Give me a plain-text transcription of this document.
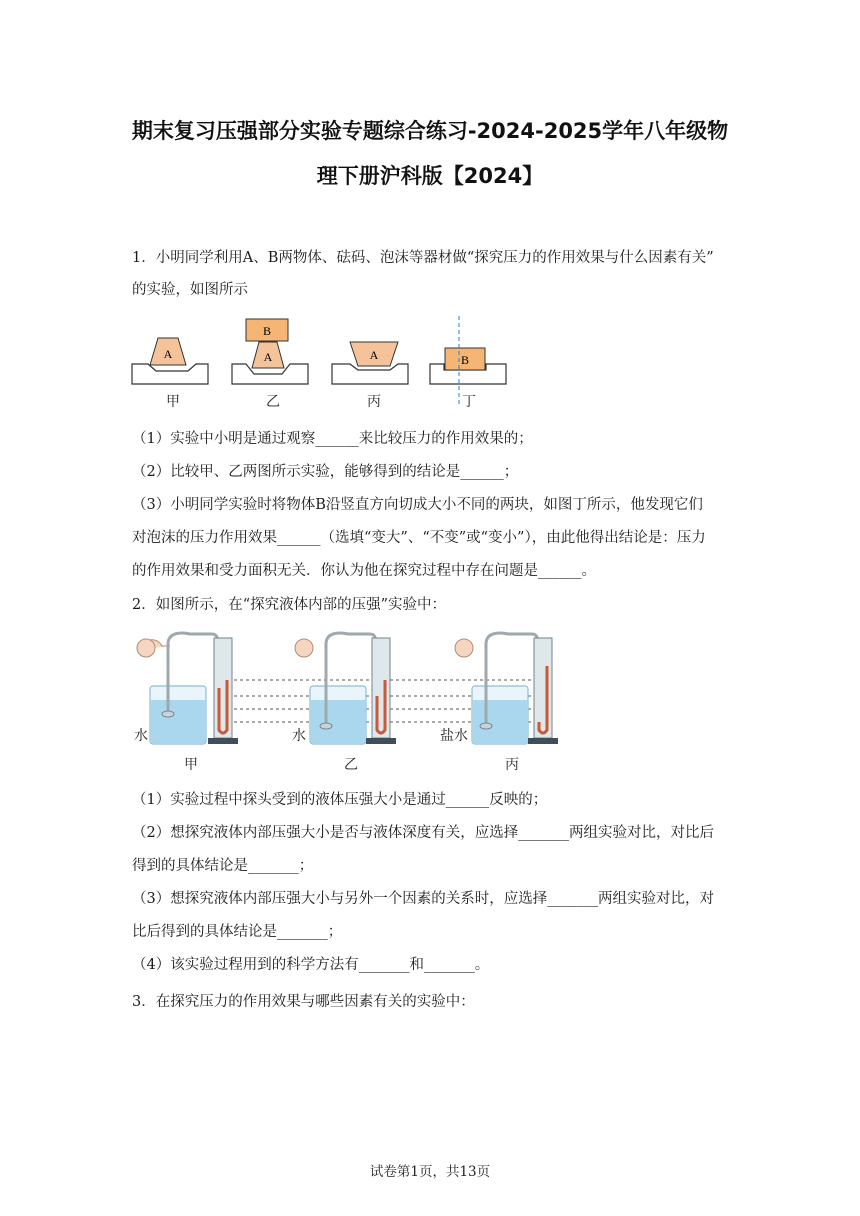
期末复习压强部分实验专题综合练习-2024-2025学年八年级物
理下册沪科版【2024】
1．小明同学利用A、B两物体、砝码、泡沫等器材做“探究压力的作用效果与什么因素有关”
的实验，如图所示
A	A
B
A	B
甲	乙	丙	丁
（1）实验中小明是通过观察______来比较压力的作用效果的；
（2）比较甲、乙两图所示实验，能够得到的结论是______；
（3）小明同学实验时将物体B沿竖直方向切成大小不同的两块，如图丁所示，他发现它们
对泡沫的压力作用效果______（选填“变大”、“不变”或“变小”），由此他得出结论是：压力
的作用效果和受力面积无关．你认为他在探究过程中存在问题是______。
2．如图所示，在“探究液体内部的压强”实验中：
水	水	盐水
甲	乙	丙
（1）实验过程中探头受到的液体压强大小是通过______反映的；
（2）想探究液体内部压强大小是否与液体深度有关，应选择_______两组实验对比，对比后
得到的具体结论是_______；
（3）想探究液体内部压强大小与另外一个因素的关系时，应选择_______两组实验对比，对
比后得到的具体结论是_______；
（4）该实验过程用到的科学方法有_______和_______。
3．在探究压力的作用效果与哪些因素有关的实验中：
试卷第1页，共13页
